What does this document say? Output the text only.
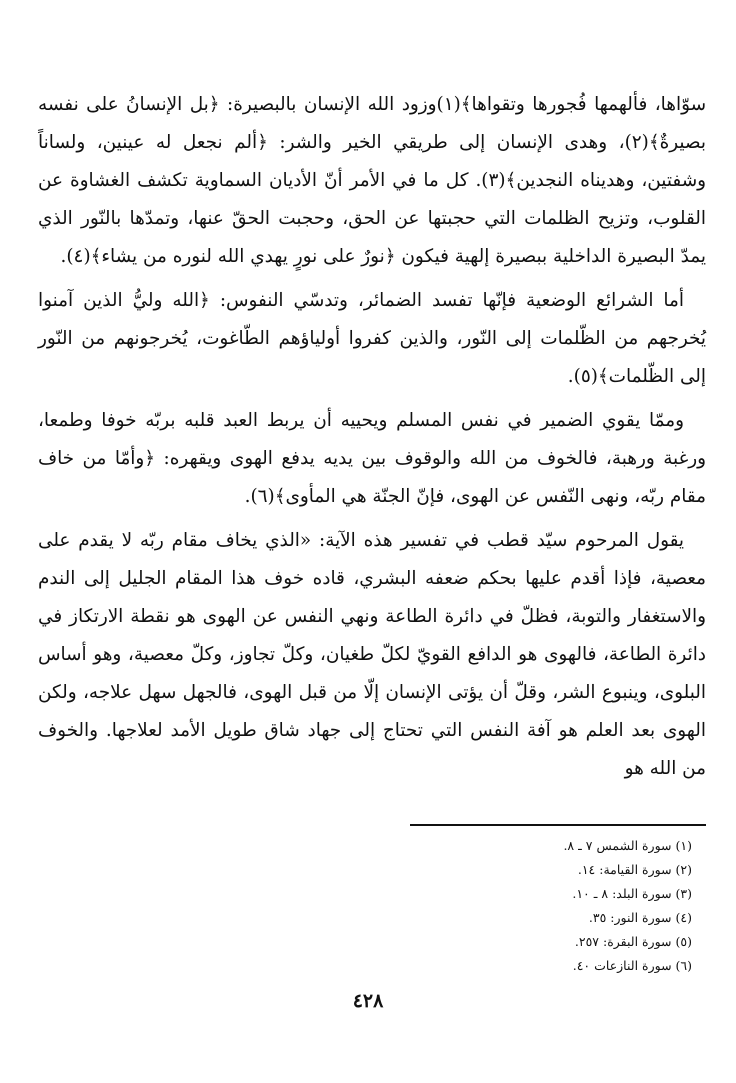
سوّاها، فألهمها فُجورها وتقواها﴾(١)وزود الله الإنسان بالبصيرة: ﴿بل الإنسانُ على نفسه بصيرةٌ﴾(٢)، وهدى الإنسان إلى طريقي الخير والشر: ﴿ألم نجعل له عينين، ولساناً وشفتين، وهديناه النجدين﴾(٣). كل ما في الأمر أنّ الأديان السماوية تكشف الغشاوة عن القلوب، وتزيح الظلمات التي حجبتها عن الحق، وحجبت الحقّ عنها، وتمدّها بالنّور الذي يمدّ البصيرة الداخلية ببصيرة إلهية فيكون ﴿نورٌ على نورٍ يهدي الله لنوره من يشاء﴾(٤).

أما الشرائع الوضعية فإنّها تفسد الضمائر، وتدسّي النفوس: ﴿الله وليُّ الذين آمنوا يُخرجهم من الظّلمات إلى النّور، والذين كفروا أولياؤهم الطّاغوت، يُخرجونهم من النّور إلى الظّلمات﴾(٥).

وممّا يقوي الضمير في نفس المسلم ويحييه أن يربط العبد قلبه بربّه خوفا وطمعا، ورغبة ورهبة، فالخوف من الله والوقوف بين يديه يدفع الهوى ويقهره: ﴿وأمّا من خاف مقام ربّه، ونهى النّفس عن الهوى، فإنّ الجنّة هي المأوى﴾(٦).

يقول المرحوم سيّد قطب في تفسير هذه الآية: «الذي يخاف مقام ربّه لا يقدم على معصية، فإذا أقدم عليها بحكم ضعفه البشري، قاده خوف هذا المقام الجليل إلى الندم والاستغفار والتوبة، فظلّ في دائرة الطاعة ونهي النفس عن الهوى هو نقطة الارتكاز في دائرة الطاعة، فالهوى هو الدافع القويّ لكلّ طغيان، وكلّ تجاوز، وكلّ معصية، وهو أساس البلوى، وينبوع الشر، وقلّ أن يؤتى الإنسان إلّا من قبل الهوى، فالجهل سهل علاجه، ولكن الهوى بعد العلم هو آفة النفس التي تحتاج إلى جهاد شاق طويل الأمد لعلاجها. والخوف من الله هو

(١) سورة الشمس ٧ ـ ٨.
(٢) سورة القيامة: ١٤.
(٣) سورة البلد: ٨ ـ ١٠.
(٤) سورة النور: ٣٥.
(٥) سورة البقرة: ٢٥٧.
(٦) سورة النازعات ٤٠.
٤٢٨
